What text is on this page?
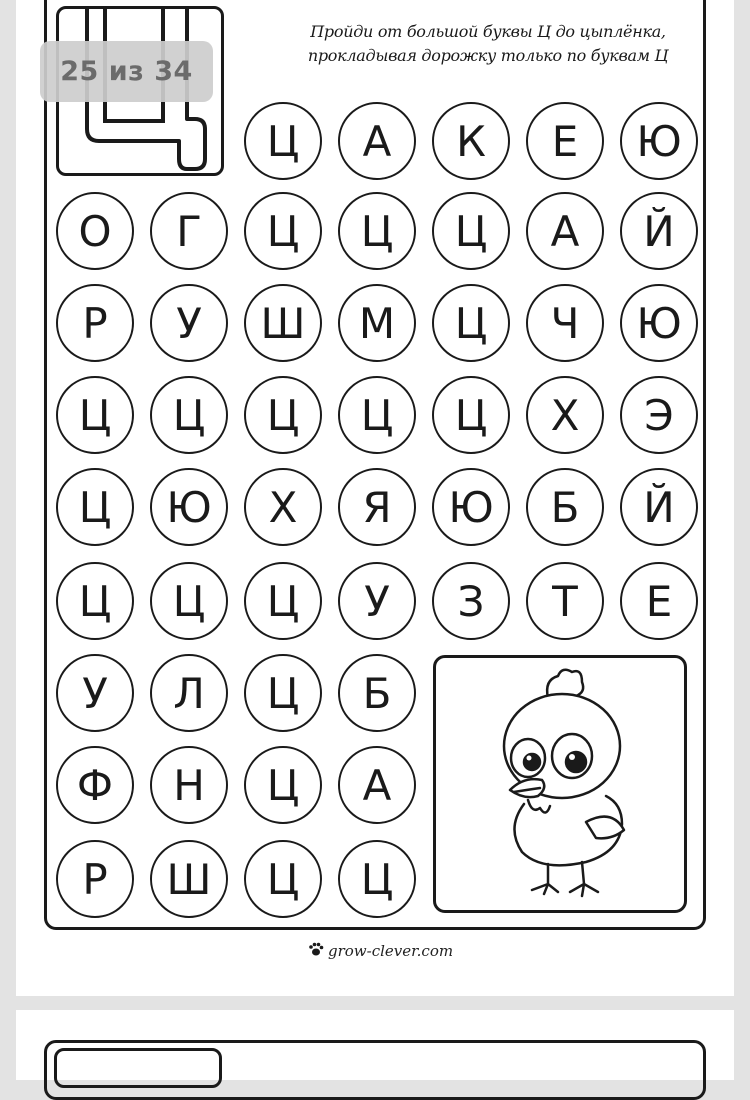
Пройди от большой буквы Ц до цыплёнка,
прокладывая дорожку только по буквам Ц
Ц	А	К	Е	Ю
О	Г	Ц	Ц	Ц	А	Й
Р	У	Ш	М	Ц	Ч	Ю
Ц	Ц	Ц	Ц	Ц	Х	Э
Ц	Ю	Х	Я	Ю	Б	Й
Ц	Ц	Ц	У	З	Т	Е
У	Л	Ц	Б
Ф	Н	Ц	А
Р	Ш	Ц	Ц
grow-clever.com
25 из 34
